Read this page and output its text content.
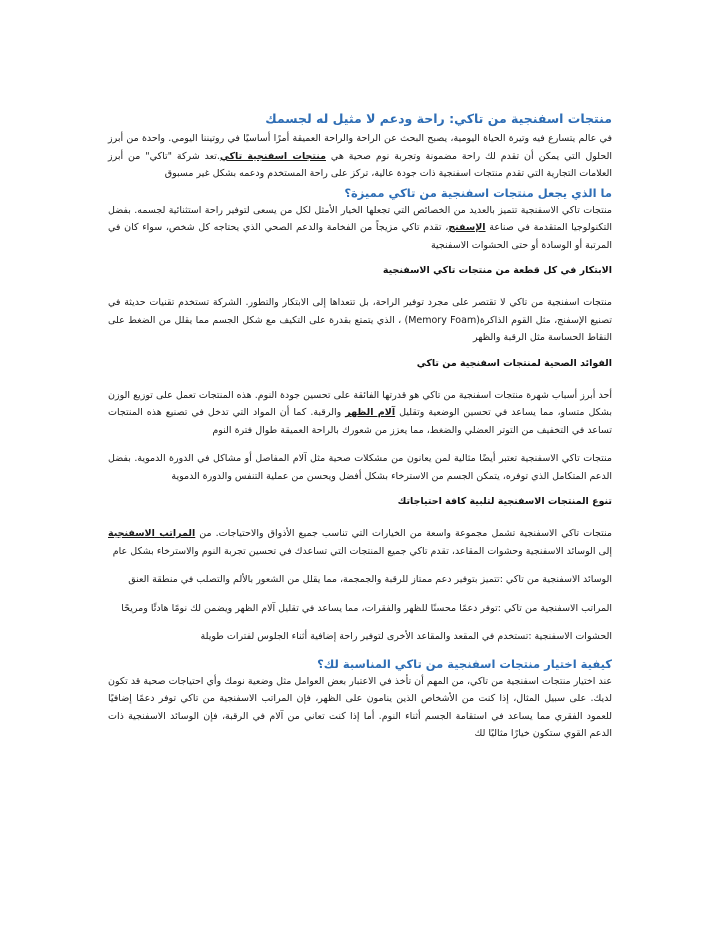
منتجات اسفنجية من تاكي: راحة ودعم لا مثيل له لجسمك

في عالم يتسارع فيه وتيرة الحياة اليومية، يصبح البحث عن الراحة والراحة العميقة أمرًا أساسيًا في روتيننا اليومي. واحدة من أبرز الحلول التي يمكن أن تقدم لك راحة مضمونة وتجربة نوم صحية هي منتجات اسفنجية تاكي.تعد شركة "تاكي" من أبرز العلامات التجارية التي تقدم منتجات اسفنجية ذات جودة عالية، تركز على راحة المستخدم ودعمه بشكل غير مسبوق

ما الذي يجعل منتجات اسفنجية من تاكي مميزة؟

منتجات تاكي الاسفنجية تتميز بالعديد من الخصائص التي تجعلها الخيار الأمثل لكل من يسعى لتوفير راحة استثنائية لجسمه. بفضل التكنولوجيا المتقدمة في صناعة الإسفنج، تقدم تاكي مزيجاً من الفخامة والدعم الصحي الذي يحتاجه كل شخص، سواء كان في المرتبة أو الوسادة أو حتى الحشوات الاسفنجية

الابتكار في كل قطعة من منتجات تاكي الاسفنجية

منتجات اسفنجية من تاكي لا تقتصر على مجرد توفير الراحة، بل تتعداها إلى الابتكار والتطور. الشركة تستخدم تقنيات حديثة في تصنيع الإسفنج، مثل القوم الذاكرة(Memory Foam) ، الذي يتمتع بقدرة على التكيف مع شكل الجسم مما يقلل من الضغط على النقاط الحساسة مثل الرقبة والظهر

الفوائد الصحية لمنتجات اسفنجية من تاكي

أحد أبرز أسباب شهرة منتجات اسفنجية من تاكي هو قدرتها الفائقة على تحسين جودة النوم. هذه المنتجات تعمل على توزيع الوزن بشكل متساو، مما يساعد في تحسين الوضعية وتقليل آلام الظهر والرقبة. كما أن المواد التي تدخل في تصنيع هذه المنتجات تساعد في التخفيف من التوتر العضلي والضغط، مما يعزز من شعورك بالراحة العميقة طوال فترة النوم

منتجات تاكي الاسفنجية تعتبر أيضًا مثالية لمن يعانون من مشكلات صحية مثل آلام المفاصل أو مشاكل في الدورة الدموية. بفضل الدعم المتكامل الذي توفره، يتمكن الجسم من الاسترخاء بشكل أفضل ويحسن من عملية التنفس والدورة الدموية

تنوع المنتجات الاسفنجية لتلبية كافة احتياجاتك

منتجات تاكي الاسفنجية تشمل مجموعة واسعة من الخيارات التي تناسب جميع الأذواق والاحتياجات. من المراتب الاسفنجية إلى الوسائد الاسفنجية وحشوات المقاعد، تقدم تاكي جميع المنتجات التي تساعدك في تحسين تجربة النوم والاسترخاء بشكل عام

الوسائد الاسفنجية من تاكي :تتميز بتوفير دعم ممتاز للرقبة والجمجمة، مما يقلل من الشعور بالألم والتصلب في منطقة العنق

المراتب الاسفنجية من تاكي :توفر دعمًا محسنًا للظهر والفقرات، مما يساعد في تقليل آلام الظهر ويضمن لك نومًا هادئًا ومريحًا

الحشوات الاسفنجية :تستخدم في المقعد والمقاعد الأخرى لتوفير راحة إضافية أثناء الجلوس لفترات طويلة

كيفية اختيار منتجات اسفنجية من تاكي المناسبة لك؟

عند اختيار منتجات اسفنجية من تاكي، من المهم أن تأخذ في الاعتبار بعض العوامل مثل وضعية نومك وأي احتياجات صحية قد تكون لديك. على سبيل المثال، إذا كنت من الأشخاص الذين ينامون على الظهر، فإن المراتب الاسفنجية من تاكي توفر دعمًا إضافيًا للعمود الفقري مما يساعد في استقامة الجسم أثناء النوم. أما إذا كنت تعاني من آلام في الرقبة، فإن الوسائد الاسفنجية ذات الدعم القوي ستكون خيارًا مثاليًا لك
